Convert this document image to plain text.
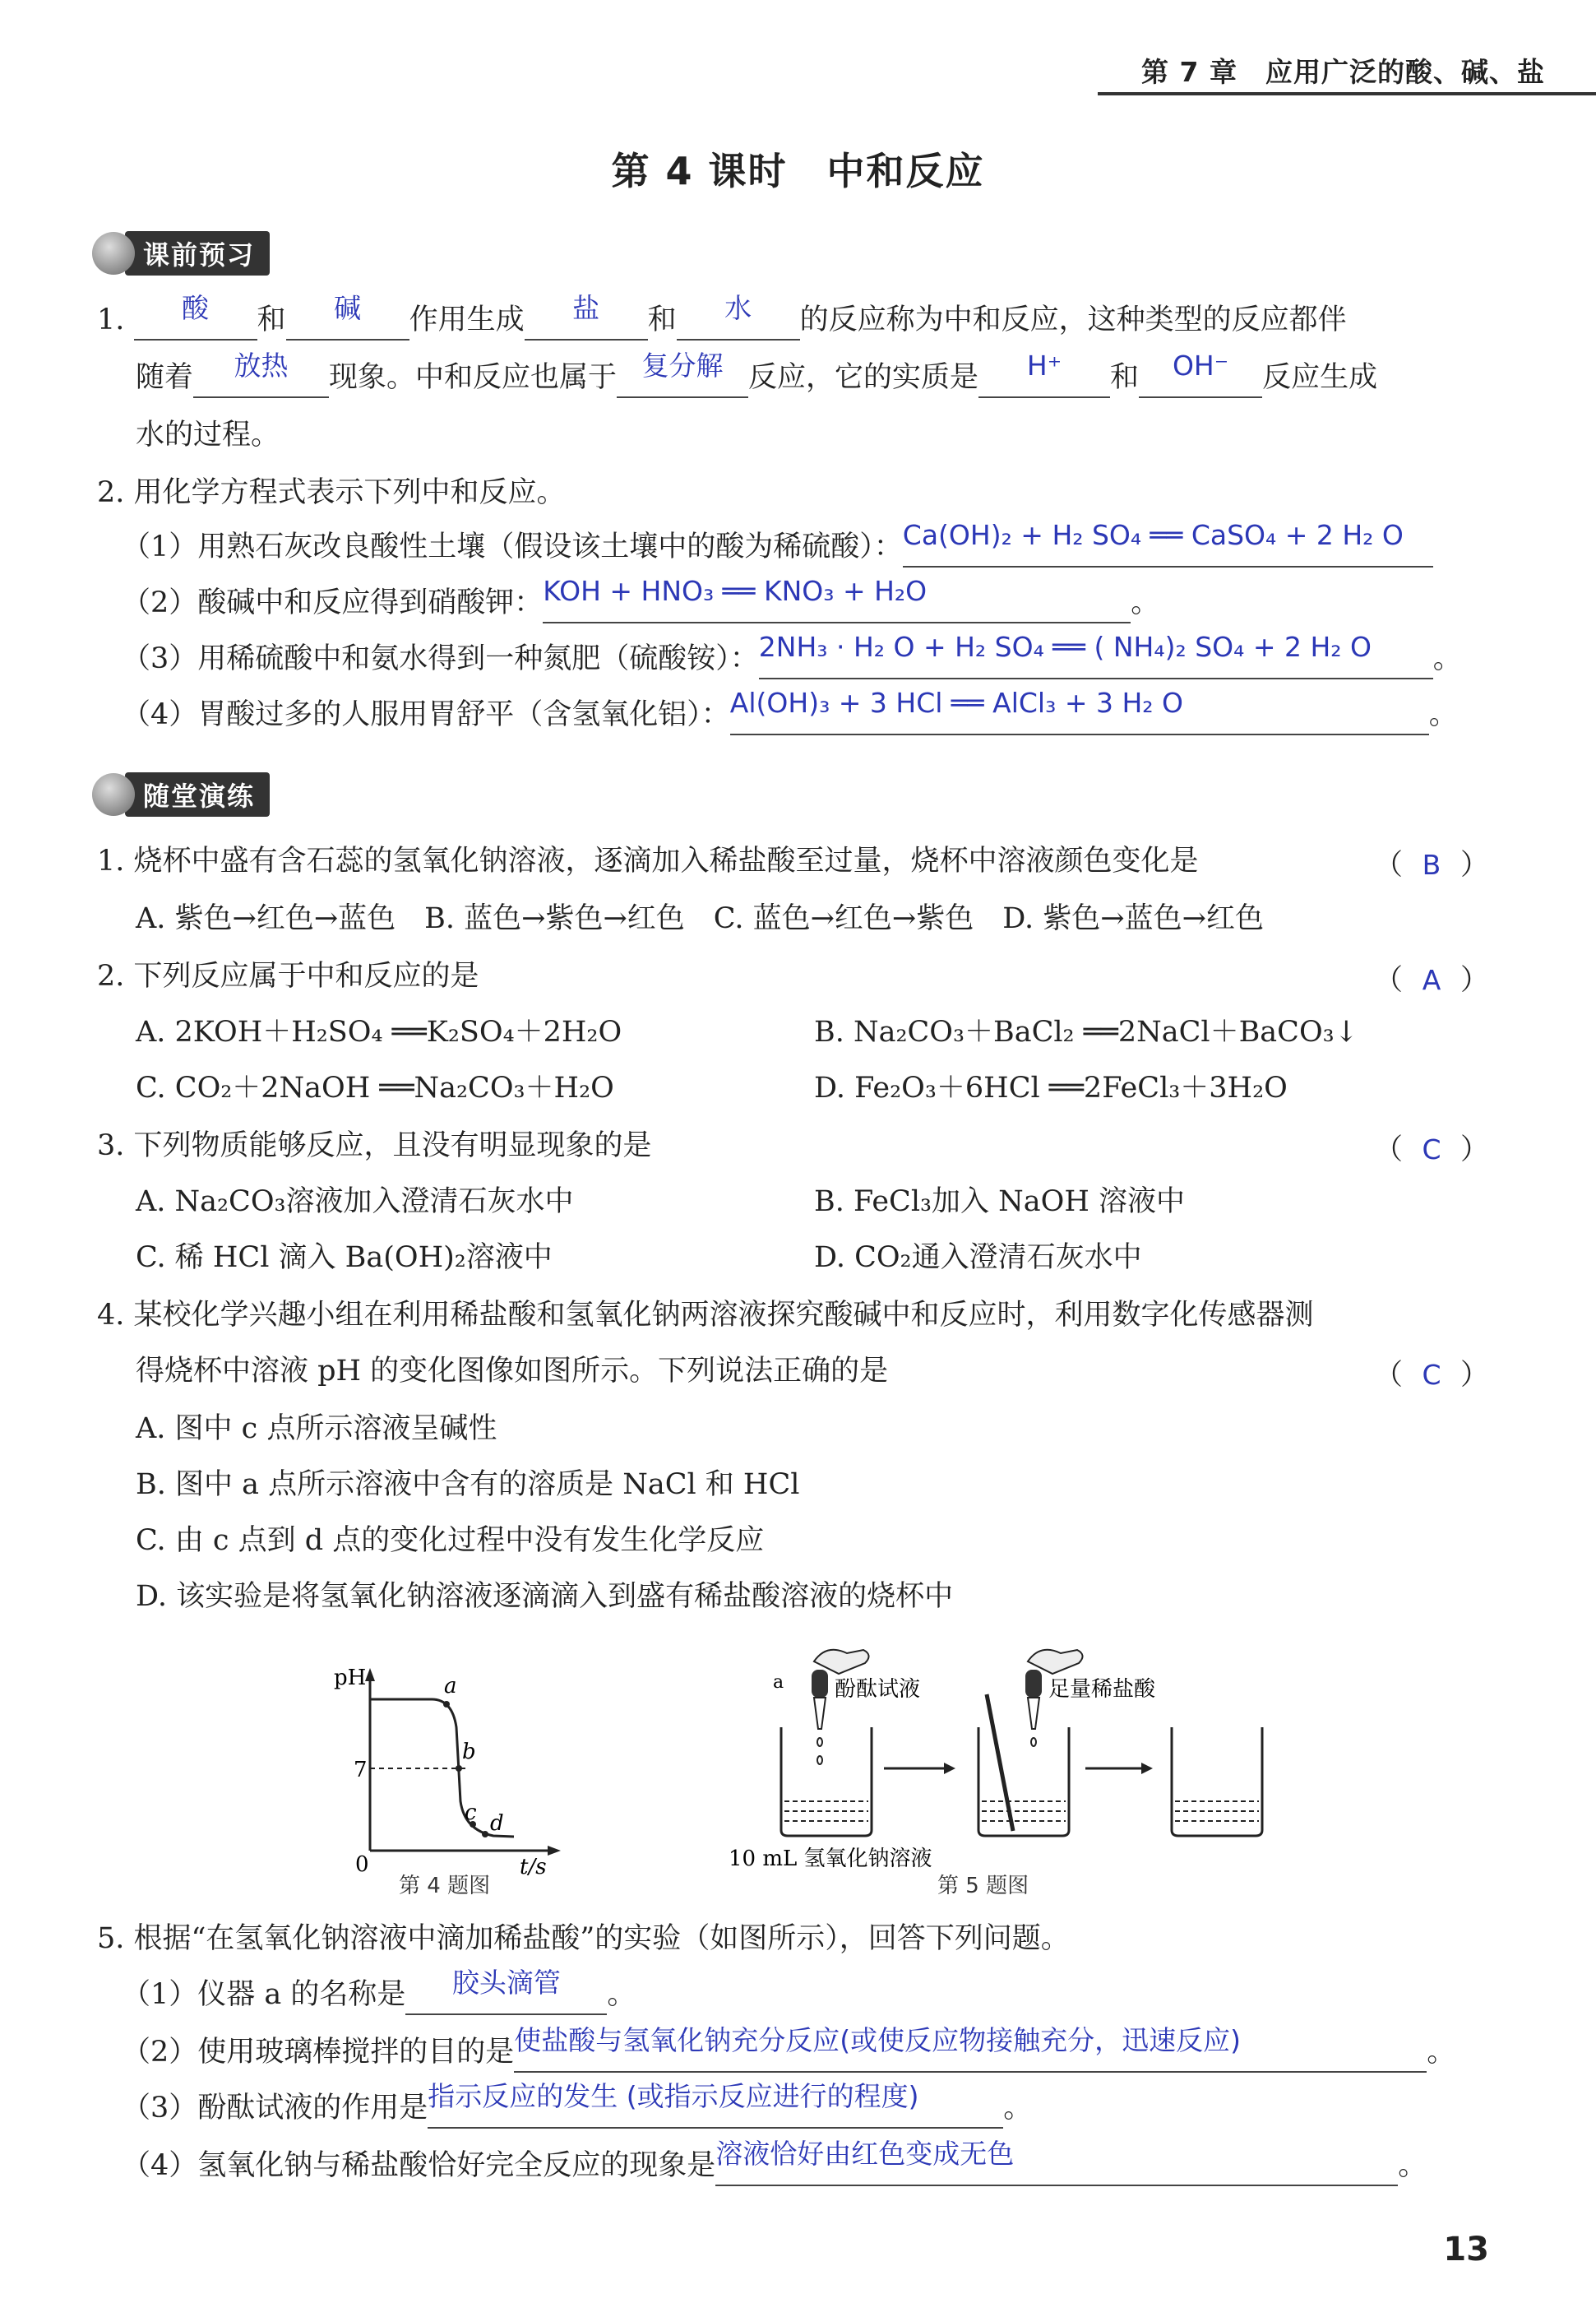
第 7 章　应用广泛的酸、碱、盐
第 4 课时　中和反应
课前预习
1. 酸 和 碱 作用生成 盐 和 水 的反应称为中和反应，这种类型的反应都伴
随着 放热 现象。中和反应也属于 复分解 反应，它的实质是 H⁺ 和 OH⁻ 反应生成
水的过程。
2. 用化学方程式表示下列中和反应。
（1）用熟石灰改良酸性土壤（假设该土壤中的酸为稀硫酸）：Ca(OH)₂ + H₂ SO₄ ══ CaSO₄ + 2 H₂ O
（2）酸碱中和反应得到硝酸钾：KOH + HNO₃ ══ KNO₃ + H₂O	。
（3）用稀硫酸中和氨水得到一种氮肥（硫酸铵）：2NH₃ · H₂ O + H₂ SO₄ ══ ( NH₄)₂ SO₄ + 2 H₂ O 。
（4）胃酸过多的人服用胃舒平（含氢氧化铝）：Al(OH)₃ + 3 HCl ══ AlCl₃ + 3 H₂ O	。
随堂演练
1. 烧杯中盛有含石蕊的氢氧化钠溶液，逐滴加入稀盐酸至过量，烧杯中溶液颜色变化是	（ B ）
A. 紫色→红色→蓝色　B. 蓝色→紫色→红色　C. 蓝色→红色→紫色　D. 紫色→蓝色→红色
2. 下列反应属于中和反应的是	（ A ）
A. 2KOH＋H₂SO₄ ══K₂SO₄＋2H₂O	B. Na₂CO₃＋BaCl₂ ══2NaCl＋BaCO₃↓
C. CO₂＋2NaOH ══Na₂CO₃＋H₂O	D. Fe₂O₃＋6HCl ══2FeCl₃＋3H₂O
3. 下列物质能够反应，且没有明显现象的是	（ C ）
A. Na₂CO₃溶液加入澄清石灰水中	B. FeCl₃加入 NaOH 溶液中
C. 稀 HCl 滴入 Ba(OH)₂溶液中	D. CO₂通入澄清石灰水中
4. 某校化学兴趣小组在利用稀盐酸和氢氧化钠两溶液探究酸碱中和反应时，利用数字化传感器测
得烧杯中溶液 pH 的变化图像如图所示。下列说法正确的是	（ C ）
A. 图中 c 点所示溶液呈碱性
B. 图中 a 点所示溶液中含有的溶质是 NaCl 和 HCl
C. 由 c 点到 d 点的变化过程中没有发生化学反应
D. 该实验是将氢氧化钠溶液逐滴滴入到盛有稀盐酸溶液的烧杯中
pH
t/s
7
0
a
b
c d
第 4 题图
a 酚酞试液	足量稀盐酸
10 mL 氢氧化钠溶液
第 5 题图
5. 根据“在氢氧化钠溶液中滴加稀盐酸”的实验（如图所示），回答下列问题。
（1）仪器 a 的名称是 胶头滴管 。
（2）使用玻璃棒搅拌的目的是使盐酸与氢氧化钠充分反应(或使反应物接触充分，迅速反应)	。
（3）酚酞试液的作用是指示反应的发生 (或指示反应进行的程度)	。
（4）氢氧化钠与稀盐酸恰好完全反应的现象是溶液恰好由红色变成无色	。
13
